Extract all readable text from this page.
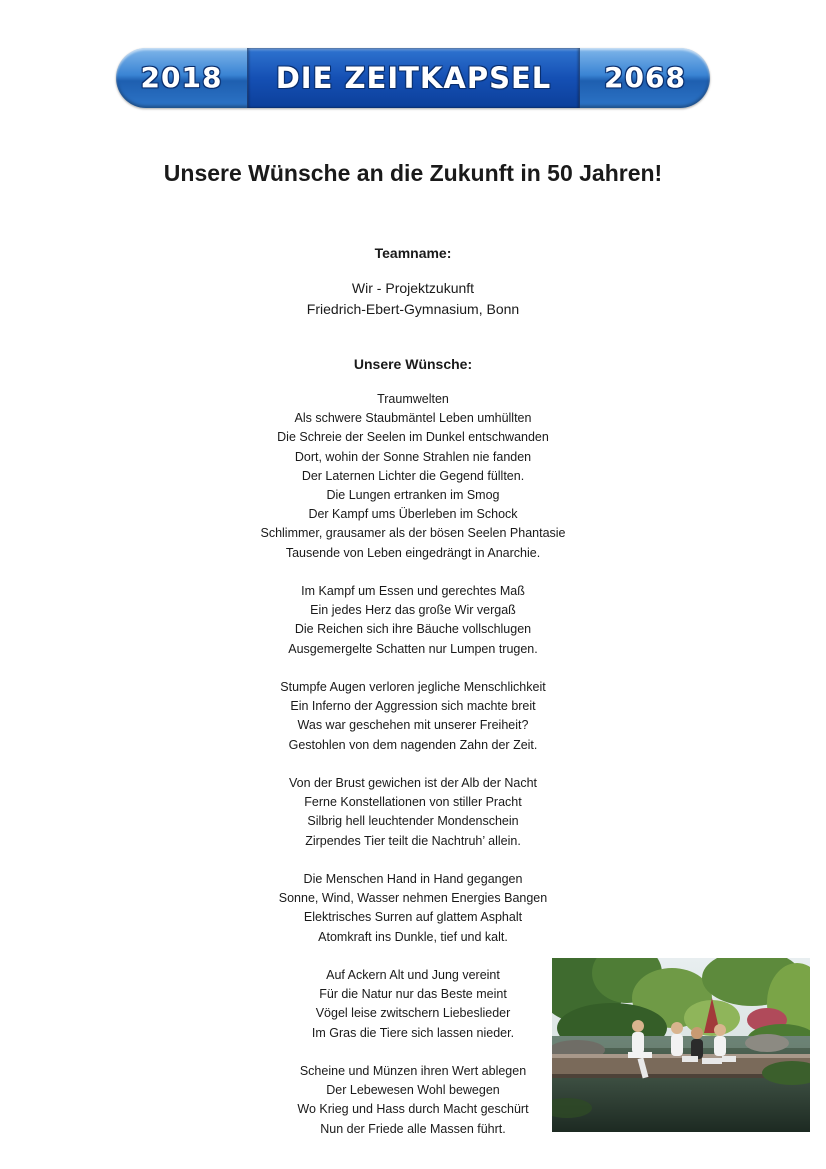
2018	DIE ZEITKAPSEL	2068
Unsere Wünsche an die Zukunft in 50 Jahren!

Teamname:

Wir - Projektzukunft
Friedrich-Ebert-Gymnasium, Bonn

Unsere Wünsche:

Traumwelten
Als schwere Staubmäntel Leben umhüllten
Die Schreie der Seelen im Dunkel entschwanden
Dort, wohin der Sonne Strahlen nie fanden
Der Laternen Lichter die Gegend füllten.
Die Lungen ertranken im Smog
Der Kampf ums Überleben im Schock
Schlimmer, grausamer als der bösen Seelen Phantasie
Tausende von Leben eingedrängt in Anarchie.
Im Kampf um Essen und gerechtes Maß
Ein jedes Herz das große Wir vergaß
Die Reichen sich ihre Bäuche vollschlugen
Ausgemergelte Schatten nur Lumpen trugen.
Stumpfe Augen verloren jegliche Menschlichkeit
Ein Inferno der Aggression sich machte breit
Was war geschehen mit unserer Freiheit?
Gestohlen von dem nagenden Zahn der Zeit.
Von der Brust gewichen ist der Alb der Nacht
Ferne Konstellationen von stiller Pracht
Silbrig hell leuchtender Mondenschein
Zirpendes Tier teilt die Nachtruh’ allein.
Die Menschen Hand in Hand gegangen
Sonne, Wind, Wasser nehmen Energies Bangen
Elektrisches Surren auf glattem Asphalt
Atomkraft ins Dunkle, tief und kalt.
Auf Ackern Alt und Jung vereint
Für die Natur nur das Beste meint
Vögel leise zwitschern Liebeslieder
Im Gras die Tiere sich lassen nieder.
Scheine und Münzen ihren Wert ablegen
Der Lebewesen Wohl bewegen
Wo Krieg und Hass durch Macht geschürt
Nun der Friede alle Massen führt.
